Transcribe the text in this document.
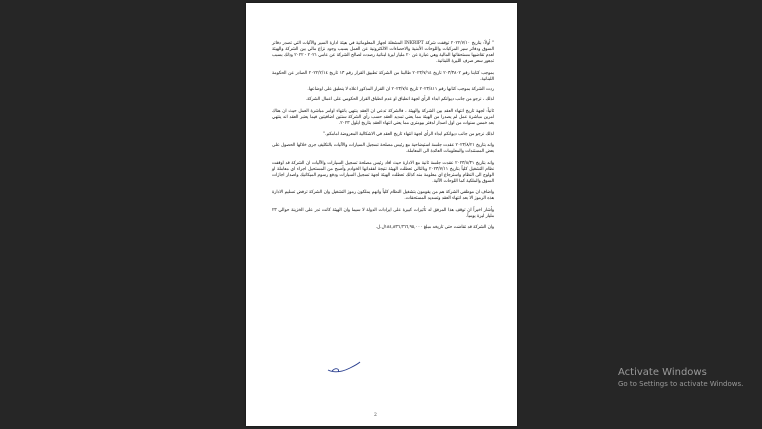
" أولاً: بتاريخ ٢٠٢٢/٧/١٠ توقفت شركة INKRIPT المشغلة لجهاز المعلوماتية في هيئة ادارة السير والآليات التي تصدر دفاتر السوق ودفاتر سير المركبات واللوحات الأمنية والاحصاءات الالكترونية عن العمل بسبب وجود نزاع مالي بين الشركة والهيئة لعدم تقاضيها مستحقاتها المالية وهي عبارة عن ٢٠ مليار ليرة لبنانية رصدت لصالح الشركة عن عامي ٢٠٢١ - ٢٠٢٢ وذلك بسبب تدهور سعر صرف الليرة اللبنانية.

بموجب كتابنا رقم ٢٠٣/٣٨٠٢ تاريخ ٢٠٢٣/٧/١٤ طالبنا من الشركة تطبيق القرار رقم ١٣ تاريخ ٢٠٢٢/٢/١٤ الصادر عن الحكومة اللبنانية.

ردت الشركة بموجب كتابها رقم ٢٠٢٣/٤١١ تاريخ ٢٠٢٣/٧/٤ ان القرار المذكور اعلاه لا ينطبق على اوضاعها.

لذلك ، نرجو من جانب ديوانكم ابداء الرأي لجهة انطباق او عدم انطباق القرار الحكومي على اعمال الشركة.

ثانياً: لجهة تاريخ انتهاء العقد بين الشركة والهيئة ، فالشركة تدعي ان العقد ينتهي بانتهاء اوامر مباشرة العمل حيث ان هناك امرين مباشرة عمل لم يصدرا من الهيئة مما يعني تمديد العقد حسب رأي الشركة سنتين اضافيتين فيما يعتبر العقد انه ينتهي بعد خمس سنوات من اول اصدار لدفتر بيومتري مما يعني انتهاء العقد بتاريخ ايلول ٢٠٢٣.

لذلك نرجو من جانب ديوانكم ابداء الرأي لجهة انتهاء تاريخ العقد في الاشكالية المعروضة امامكم."

وانه بتاريخ ٢٠٢٣/٨/٢١ عقدت جلسة استيضاحية مع رئيس مصلحة تسجيل السيارات والآليات بالتكليف جرى خلالها الحصول على بعض المستندات والمعلومات العائدة الى المعاملة.

وانه بتاريخ ٢٠٢٣/٨/٣١ عقدت جلسة ثانية مع الادارة حيث افاد رئيس مصلحة تسجيل السيارات والآليات ان الشركة قد اوقفت نظام التشغيل كلياً بتاريخ ٢٠٢٣/٧/١١ وبالتالي تعطلت الهيئة نتيجة لفقدانها الخوادم وأصبح من المستحيل اجراء اي معاملة او الولوج الى النظام واسترجاع اي معلومة منه كذلك تعطلت الهيئة لجهة تسجيل السيارات ودفع رسوم الميكانيك واصدار اجازات السوق والملكية كما اللوحات الآلية.

واضاف ان موظفي الشركة هم من يقومون بتشغيل النظام كلياً وانهم يملكون رموز التشغيل وان الشركة ترفض تسليم الادارة هذه الرموز الا بعد انتهاء العقد وتسديد المستحقات.

وأشار اخيراً ان توقف هذا المرفق له تأثيرات كبيرة على ايرادات الدولة لا سيما وان الهيئة كانت تدر على الخزينة حوالي ٢٣ مليار ليرة يومياً.

وان الشركة قد تقاضت حتى تاريخه مبلغ ١٨٤,٨٣٦,٣٦٦,٩٥,٠٠٠ل.ل.

2
Activate Windows
Go to Settings to activate Windows.
